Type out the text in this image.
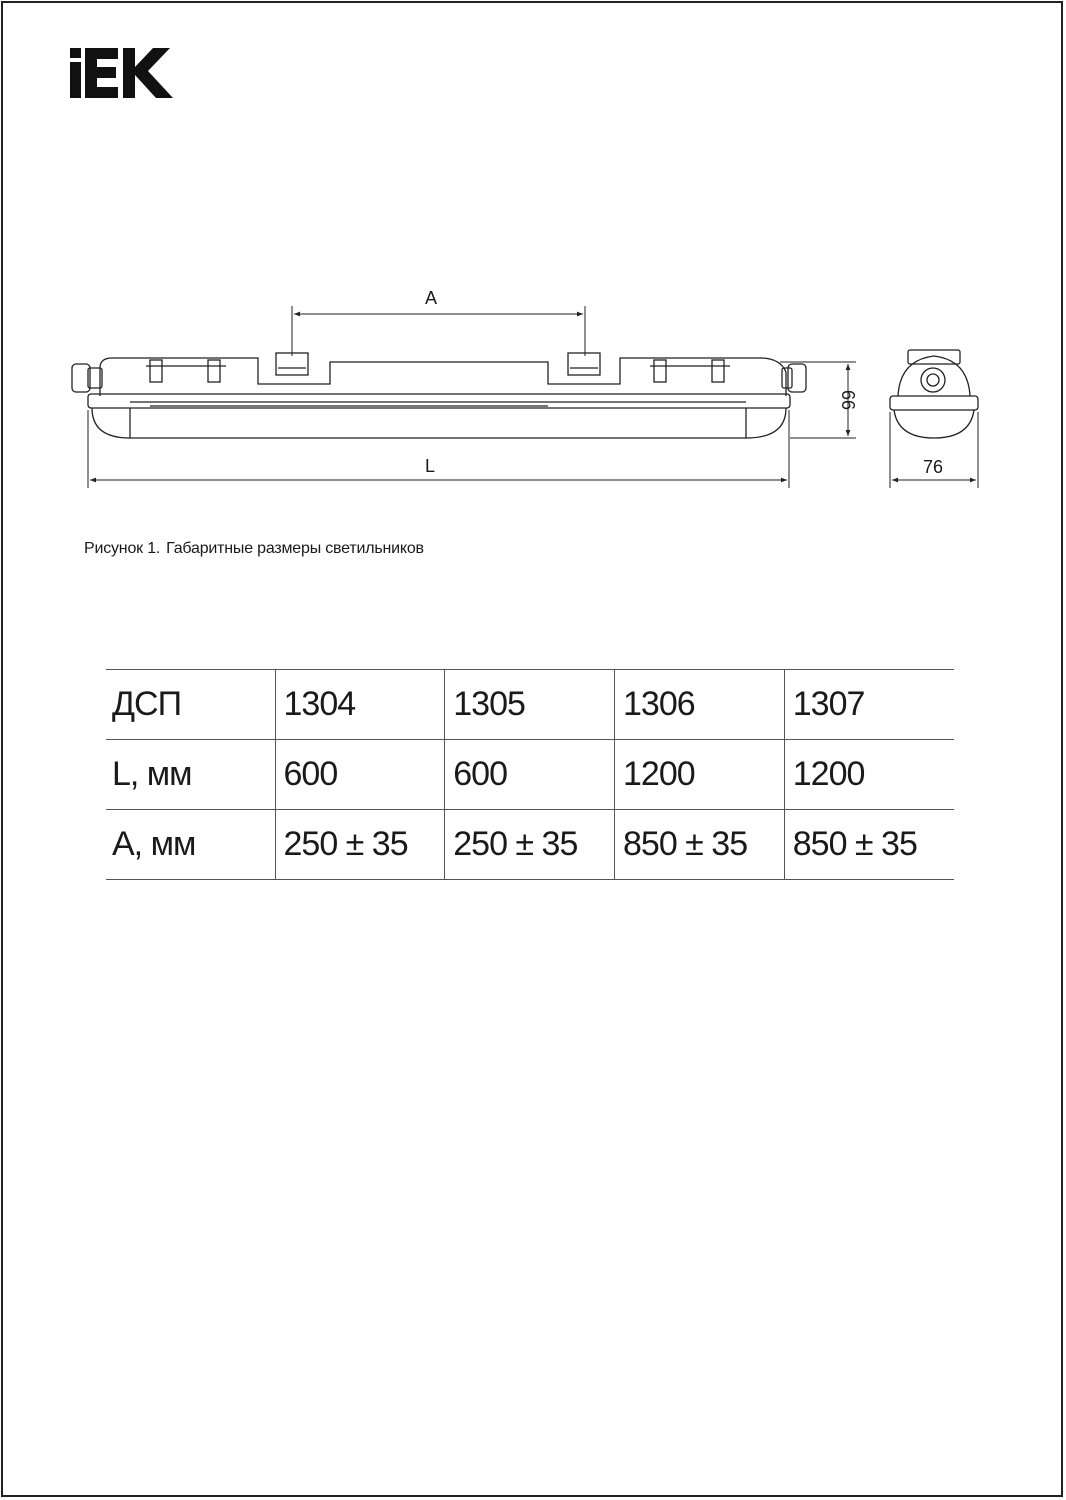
A
L
66
76
Рисунок 1. Габаритные размеры светильников
ДСП	1304	1305	1306	1307
L, мм	600	600	1200	1200
A, мм	250 ± 35	250 ± 35	850 ± 35	850 ± 35
